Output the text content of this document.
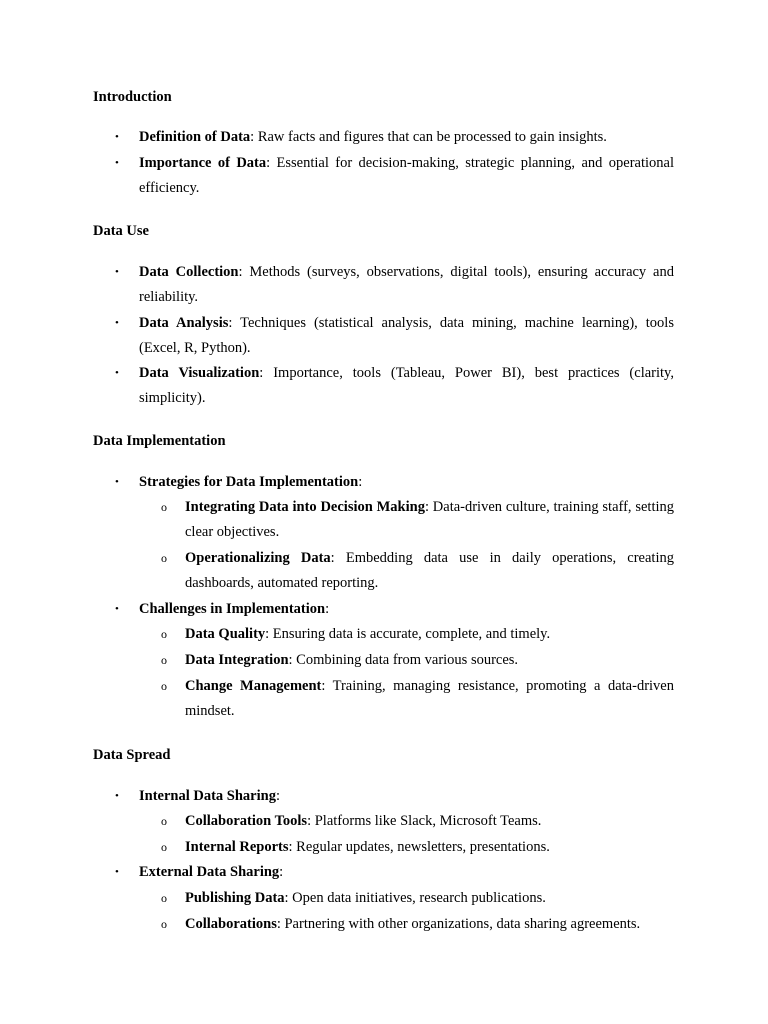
Introduction

• Definition of Data: Raw facts and figures that can be processed to gain insights.

• Importance of Data: Essential for decision-making, strategic planning, and operational efficiency.

Data Use

• Data Collection: Methods (surveys, observations, digital tools), ensuring accuracy and reliability.

• Data Analysis: Techniques (statistical analysis, data mining, machine learning), tools (Excel, R, Python).

• Data Visualization: Importance, tools (Tableau, Power BI), best practices (clarity, simplicity).

Data Implementation

• Strategies for Data Implementation:

o Integrating Data into Decision Making: Data-driven culture, training staff, setting clear objectives.

o Operationalizing Data: Embedding data use in daily operations, creating dashboards, automated reporting.

• Challenges in Implementation:

o Data Quality: Ensuring data is accurate, complete, and timely.

o Data Integration: Combining data from various sources.

o Change Management: Training, managing resistance, promoting a data-driven mindset.

Data Spread

• Internal Data Sharing:

o Collaboration Tools: Platforms like Slack, Microsoft Teams.

o Internal Reports: Regular updates, newsletters, presentations.

• External Data Sharing:

o Publishing Data: Open data initiatives, research publications.

o Collaborations: Partnering with other organizations, data sharing agreements.
